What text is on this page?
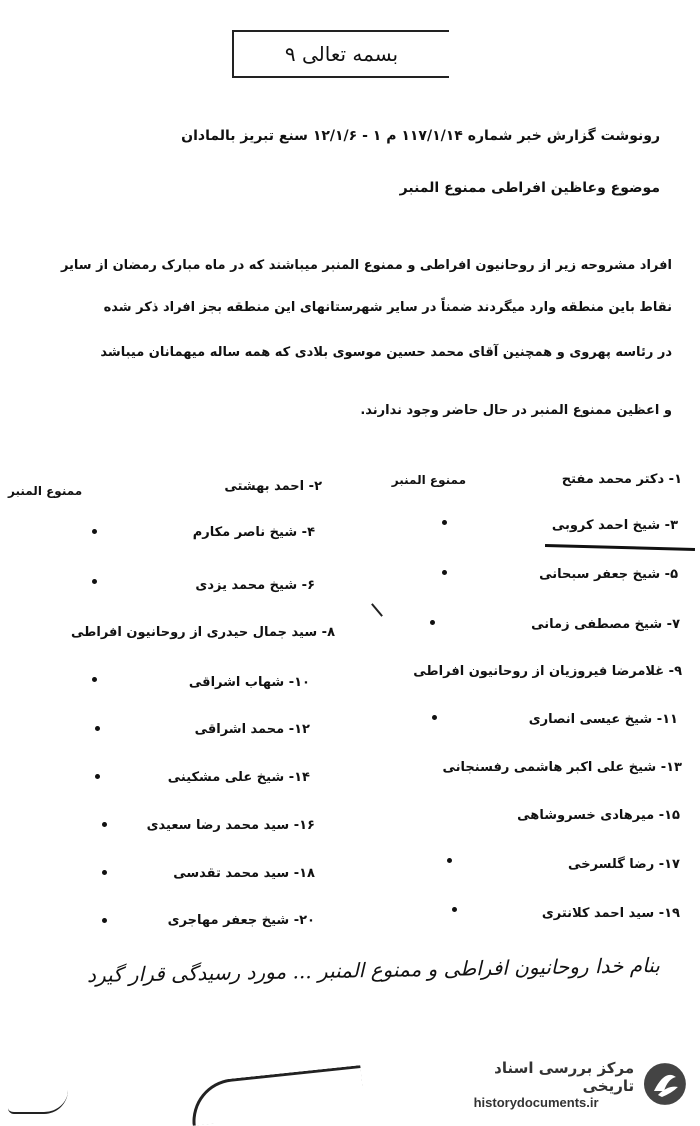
بسمه تعالی ۹
رونوشت گزارش خبر شماره ۱۱۷/۱/۱۴ م ۱ - ۱۲/۱/۶ سنع تبریز بالمادان
موضوع وعاظین افراطی ممنوع المنبر
افراد مشروحه زیر از روحانیون افراطی و ممنوع المنبر میباشند که در ماه مبارک رمضان از سایر
نقاط باین منطقه وارد میگردند ضمناً در سایر شهرستانهای این منطقه بجز افراد ذکر شده
در رئاسه پهروی و همچنین آقای محمد حسین موسوی بلادی که همه ساله میهمانان میباشد
و اعظین ممنوع المنبر در حال حاضر وجود ندارند.
ممنوع المنبر
ممنوع المنبر
۱- دکتر محمد مفتح
۳- شیخ احمد کروبی
۵- شیخ جعفر سبحانی
۷- شیخ مصطفی زمانی
۹- غلامرضا فیروزیان از روحانیون افراطی
۱۱- شیخ عیسی انصاری
۱۳- شیخ علی اکبر هاشمی رفسنجانی
۱۵- میرهادی خسروشاهی
۱۷- رضا گلسرخی
۱۹- سید احمد کلانتری
۲- احمد بهشتی
۴- شیخ ناصر مکارم
۶- شیخ محمد یزدی
۸- سید جمال حیدری از روحانیون افراطی
۱۰- شهاب اشراقی
۱۲- محمد اشراقی
۱۴- شیخ علی مشکینی
۱۶- سید محمد رضا سعیدی
۱۸- سید محمد تقدسی
۲۰- شیخ جعفر مهاجری
بنام خدا روحانیون افراطی و ممنوع المنبر ... مورد رسیدگی قرار گیرد
مرکز بررسی اسناد تاریخی
historydocuments.ir
